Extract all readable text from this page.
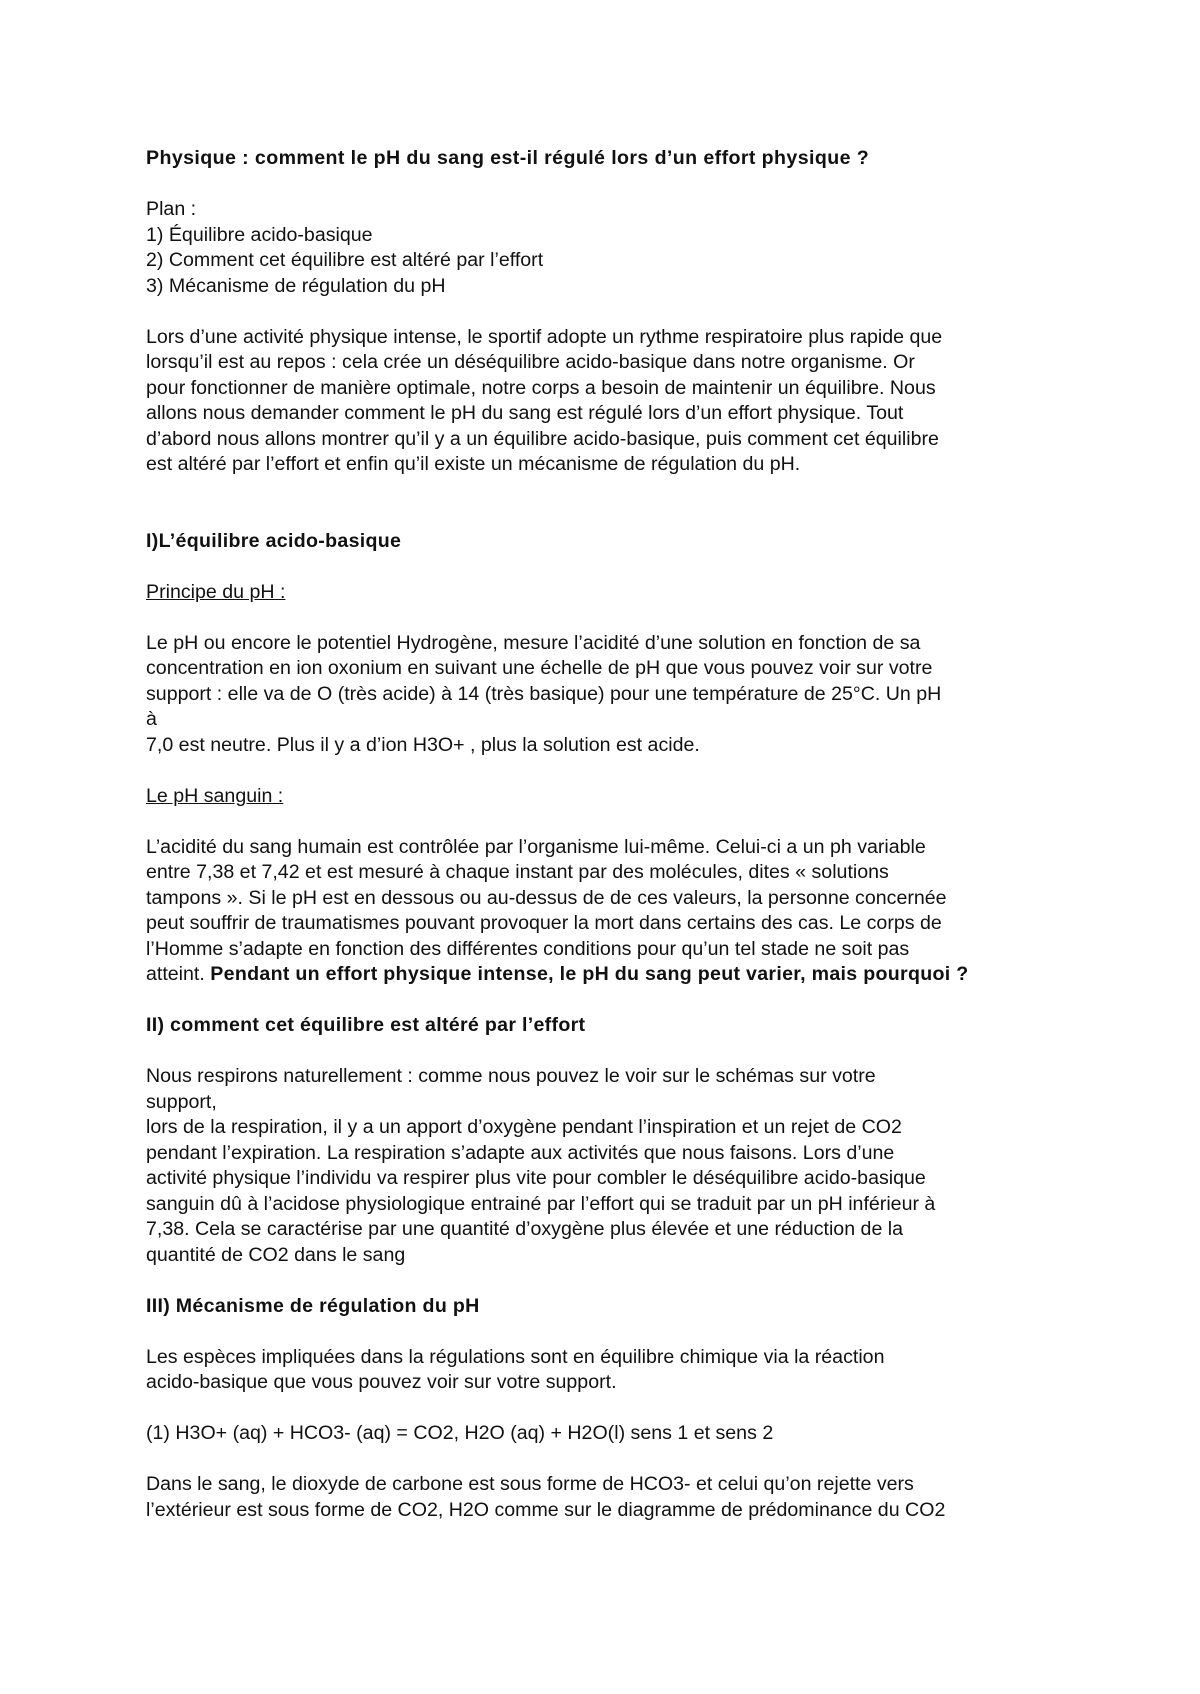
Physique : comment le pH du sang est-il régulé lors d’un effort physique ?

Plan :

1) Équilibre acido-basique

2) Comment cet équilibre est altéré par l’effort

3) Mécanisme de régulation du pH

Lors d’une activité physique intense, le sportif adopte un rythme respiratoire plus rapide que

lorsqu’il est au repos : cela crée un déséquilibre acido-basique dans notre organisme. Or

pour fonctionner de manière optimale, notre corps a besoin de maintenir un équilibre. Nous

allons nous demander comment le pH du sang est régulé lors d’un effort physique. Tout

d’abord nous allons montrer qu’il y a un équilibre acido-basique, puis comment cet équilibre

est altéré par l’effort et enfin qu’il existe un mécanisme de régulation du pH.

I)L’équilibre acido-basique

Principe du pH :

Le pH ou encore le potentiel Hydrogène, mesure l’acidité d’une solution en fonction de sa

concentration en ion oxonium en suivant une échelle de pH que vous pouvez voir sur votre

support : elle va de O (très acide) à 14 (très basique) pour une température de 25°C. Un pH

à

7,0 est neutre. Plus il y a d’ion H3O+ , plus la solution est acide.

Le pH sanguin :

L’acidité du sang humain est contrôlée par l’organisme lui-même. Celui-ci a un ph variable

entre 7,38 et 7,42 et est mesuré à chaque instant par des molécules, dites « solutions

tampons ». Si le pH est en dessous ou au-dessus de de ces valeurs, la personne concernée

peut souffrir de traumatismes pouvant provoquer la mort dans certains des cas. Le corps de

l’Homme s’adapte en fonction des différentes conditions pour qu’un tel stade ne soit pas

atteint. Pendant un effort physique intense, le pH du sang peut varier, mais pourquoi ?

II) comment cet équilibre est altéré par l’effort

Nous respirons naturellement : comme nous pouvez le voir sur le schémas sur votre

support,

lors de la respiration, il y a un apport d’oxygène pendant l’inspiration et un rejet de CO2

pendant l’expiration. La respiration s’adapte aux activités que nous faisons. Lors d’une

activité physique l’individu va respirer plus vite pour combler le déséquilibre acido-basique

sanguin dû à l’acidose physiologique entrainé par l’effort qui se traduit par un pH inférieur à

7,38. Cela se caractérise par une quantité d’oxygène plus élevée et une réduction de la

quantité de CO2 dans le sang

III) Mécanisme de régulation du pH

Les espèces impliquées dans la régulations sont en équilibre chimique via la réaction

acido-basique que vous pouvez voir sur votre support.

(1) H3O+ (aq) + HCO3- (aq) = CO2, H2O (aq) + H2O(l) sens 1 et sens 2

Dans le sang, le dioxyde de carbone est sous forme de HCO3- et celui qu’on rejette vers

l’extérieur est sous forme de CO2, H2O comme sur le diagramme de prédominance du CO2
